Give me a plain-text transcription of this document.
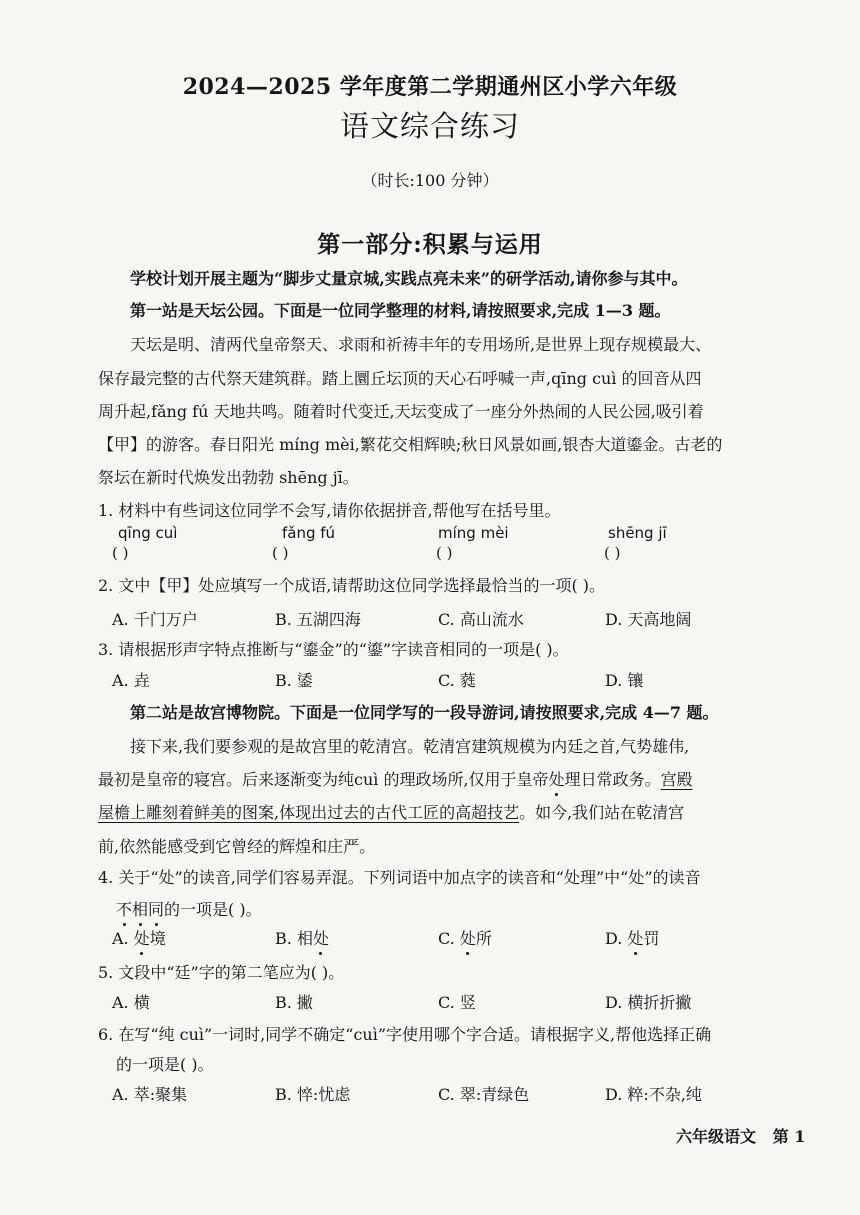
2024—2025 学年度第二学期通州区小学六年级
语文综合练习
（时长:100 分钟）
第一部分:积累与运用
学校计划开展主题为“脚步丈量京城,实践点亮未来”的研学活动,请你参与其中。
第一站是天坛公园。下面是一位同学整理的材料,请按照要求,完成 1—3 题。
天坛是明、清两代皇帝祭天、求雨和祈祷丰年的专用场所,是世界上现存规模最大、
保存最完整的古代祭天建筑群。踏上圜丘坛顶的天心石呼喊一声,qīng cuì 的回音从四
周升起,fǎng fú 天地共鸣。随着时代变迁,天坛变成了一座分外热闹的人民公园,吸引着
【甲】的游客。春日阳光 míng mèi,繁花交相辉映;秋日风景如画,银杏大道鎏金。古老的
祭坛在新时代焕发出勃勃 shēng jī。
1. 材料中有些词这位同学不会写,请你依据拼音,帮他写在括号里。
qīng cuì	fǎng fú	míng mèi	shēng jī
( )	( )	( )	( )
2. 文中【甲】处应填写一个成语,请帮助这位同学选择最恰当的一项( )。
A. 千门万户	B. 五湖四海	C. 高山流水	D. 天高地阔
3. 请根据形声字特点推断与“鎏金”的“鎏”字读音相同的一项是( )。
A. 垚	B. 鋈	C. 蕤	D. 镶
第二站是故宫博物院。下面是一位同学写的一段导游词,请按照要求,完成 4—7 题。
接下来,我们要参观的是故宫里的乾清宫。乾清宫建筑规模为内廷之首,气势雄伟,
最初是皇帝的寝宫。后来逐渐变为纯cuì 的理政场所,仅用于皇帝处理日常政务。宫殿
屋檐上雕刻着鲜美的图案,体现出过去的古代工匠的高超技艺。如今,我们站在乾清宫
前,依然能感受到它曾经的辉煌和庄严。
4. 关于“处”的读音,同学们容易弄混。下列词语中加点字的读音和“处理”中“处”的读音
不相同的一项是( )。
A. 处境	B. 相处	C. 处所	D. 处罚
5. 文段中“廷”字的第二笔应为( )。
A. 横	B. 撇	C. 竖	D. 横折折撇
6. 在写“纯 cuì”一词时,同学不确定“cuì”字使用哪个字合适。请根据字义,帮他选择正确
的一项是( )。
A. 萃:聚集	B. 悴:忧虑	C. 翠:青绿色	D. 粹:不杂,纯
六年级语文 第 1
